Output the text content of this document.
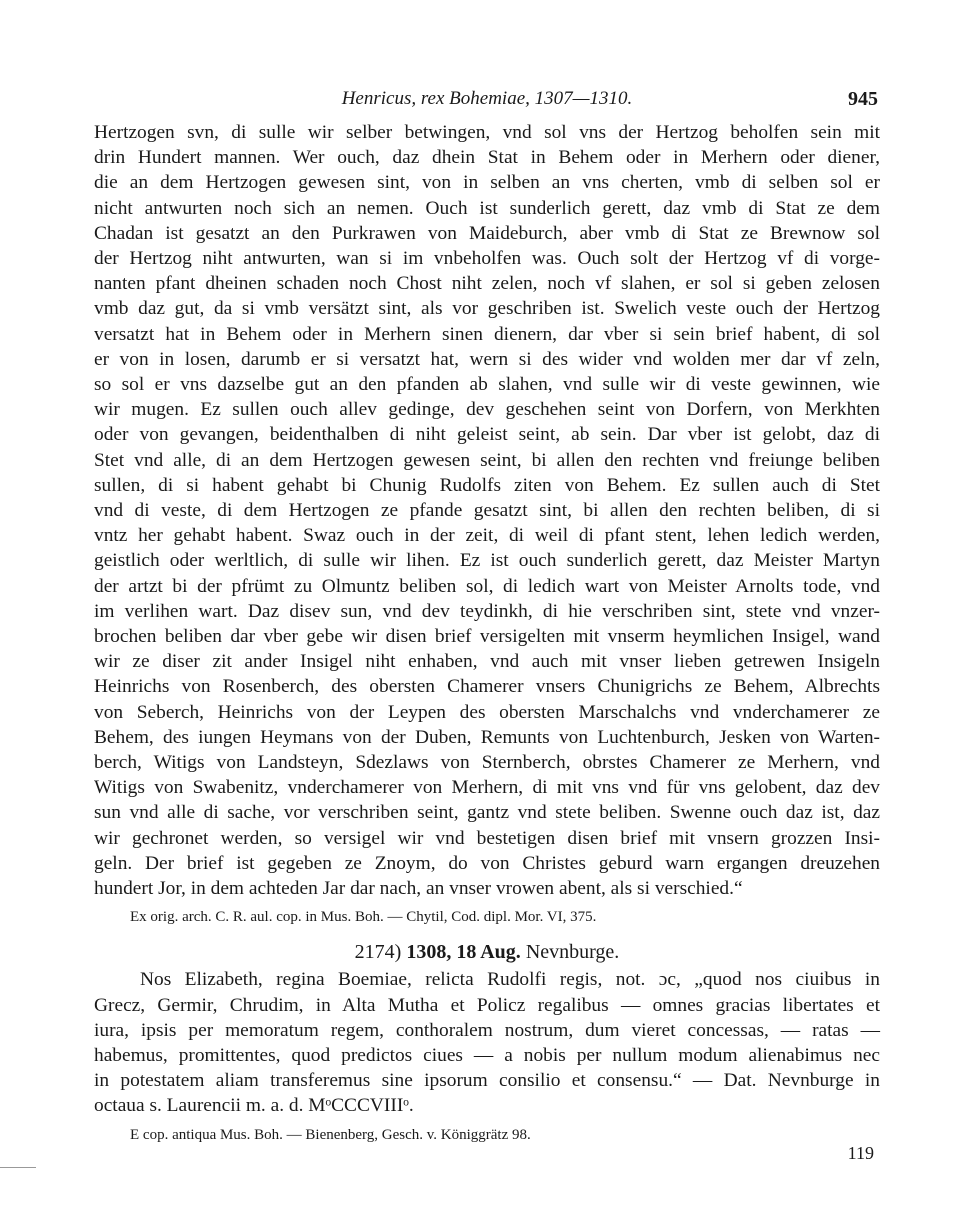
Henricus, rex Bohemiae, 1307—1310.	945
Hertzogen svn, di sulle wir selber betwingen, vnd sol vns der Hertzog beholfen sein mit
drin Hundert mannen. Wer ouch, daz dhein Stat in Behem oder in Merhern oder diener,
die an dem Hertzogen gewesen sint, von in selben an vns cherten, vmb di selben sol er
nicht antwurten noch sich an nemen. Ouch ist sunderlich gerett, daz vmb di Stat ze dem
Chadan ist gesatzt an den Purkrawen von Maideburch, aber vmb di Stat ze Brewnow sol
der Hertzog niht antwurten, wan si im vnbeholfen was. Ouch solt der Hertzog vf di vorge-
nanten pfant dheinen schaden noch Chost niht zelen, noch vf slahen, er sol si geben zelosen
vmb daz gut, da si vmb versätzt sint, als vor geschriben ist. Swelich veste ouch der Hertzog
versatzt hat in Behem oder in Merhern sinen dienern, dar vber si sein brief habent, di sol
er von in losen, darumb er si versatzt hat, wern si des wider vnd wolden mer dar vf zeln,
so sol er vns dazselbe gut an den pfanden ab slahen, vnd sulle wir di veste gewinnen, wie
wir mugen. Ez sullen ouch allev gedinge, dev geschehen seint von Dorfern, von Merkhten
oder von gevangen, beidenthalben di niht geleist seint, ab sein. Dar vber ist gelobt, daz di
Stet vnd alle, di an dem Hertzogen gewesen seint, bi allen den rechten vnd freiunge beliben
sullen, di si habent gehabt bi Chunig Rudolfs ziten von Behem. Ez sullen auch di Stet
vnd di veste, di dem Hertzogen ze pfande gesatzt sint, bi allen den rechten beliben, di si
vntz her gehabt habent. Swaz ouch in der zeit, di weil di pfant stent, lehen ledich werden,
geistlich oder werltlich, di sulle wir lihen. Ez ist ouch sunderlich gerett, daz Meister Martyn
der artzt bi der pfrümt zu Olmuntz beliben sol, di ledich wart von Meister Arnolts tode, vnd
im verlihen wart. Daz disev sun, vnd dev teydinkh, di hie verschriben sint, stete vnd vnzer-
brochen beliben dar vber gebe wir disen brief versigelten mit vnserm heymlichen Insigel, wand
wir ze diser zit ander Insigel niht enhaben, vnd auch mit vnser lieben getrewen Insigeln
Heinrichs von Rosenberch, des obersten Chamerer vnsers Chunigrichs ze Behem, Albrechts
von Seberch, Heinrichs von der Leypen des obersten Marschalchs vnd vnderchamerer ze
Behem, des iungen Heymans von der Duben, Remunts von Luchtenburch, Jesken von Warten-
berch, Witigs von Landsteyn, Sdezlaws von Sternberch, obrstes Chamerer ze Merhern, vnd
Witigs von Swabenitz, vnderchamerer von Merhern, di mit vns vnd für vns gelobent, daz dev
sun vnd alle di sache, vor verschriben seint, gantz vnd stete beliben. Swenne ouch daz ist, daz
wir gechronet werden, so versigel wir vnd bestetigen disen brief mit vnsern grozzen Insi-
geln. Der brief ist gegeben ze Znoym, do von Christes geburd warn ergangen dreuzehen
hundert Jor, in dem achteden Jar dar nach, an vnser vrowen abent, als si verschied.“
Ex orig. arch. C. R. aul. cop. in Mus. Boh. — Chytil, Cod. dipl. Mor. VI, 375.
2174) 1308, 18 Aug. Nevnburge.
Nos Elizabeth, regina Boemiae, relicta Rudolfi regis, not. ɔc, „quod nos ciuibus in
Grecz, Germir, Chrudim, in Alta Mutha et Policz regalibus — omnes gracias libertates et
iura, ipsis per memoratum regem, conthoralem nostrum, dum vieret concessas, — ratas —
habemus, promittentes, quod predictos ciues — a nobis per nullum modum alienabimus nec
in potestatem aliam transferemus sine ipsorum consilio et consensu.“ — Dat. Nevnburge in
octaua s. Laurencii m. a. d. MᵒCCCVIIIᵒ.
E cop. antiqua Mus. Boh. — Bienenberg, Gesch. v. Königgrätz 98.
119
